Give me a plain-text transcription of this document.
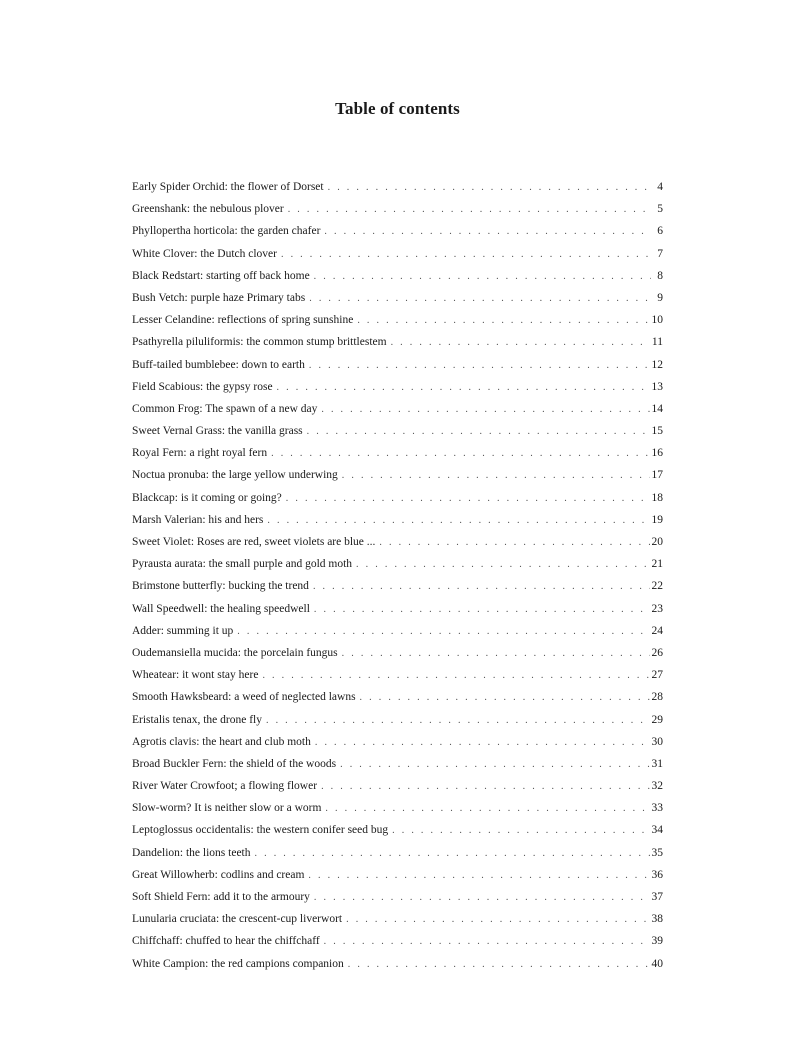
Table of contents
Early Spider Orchid: the flower of Dorset . . .	4
Greenshank: the nebulous plover . . .	5
Phyllopertha horticola: the garden chafer . . .	6
White Clover: the Dutch clover . . .	7
Black Redstart: starting off back home . . .	8
Bush Vetch: purple haze Primary tabs . . .	9
Lesser Celandine: reflections of spring sunshine . . .	10
Psathyrella piluliformis: the common stump brittlestem . . .	11
Buff-tailed bumblebee: down to earth . . .	12
Field Scabious: the gypsy rose . . .	13
Common Frog: The spawn of a new day . . .	14
Sweet Vernal Grass: the vanilla grass . . .	15
Royal Fern: a right royal fern . . .	16
Noctua pronuba: the large yellow underwing . . .	17
Blackcap: is it coming or going? . . .	18
Marsh Valerian: his and hers . . .	19
Sweet Violet: Roses are red, sweet violets are blue ... . . .	20
Pyrausta aurata: the small purple and gold moth . . .	21
Brimstone butterfly: bucking the trend . . .	22
Wall Speedwell: the healing speedwell . . .	23
Adder: summing it up . . .	24
Oudemansiella mucida: the porcelain fungus . . .	26
Wheatear: it wont stay here . . .	27
Smooth Hawksbeard: a weed of neglected lawns . . .	28
Eristalis tenax, the drone fly . . .	29
Agrotis clavis: the heart and club moth . . .	30
Broad Buckler Fern: the shield of the woods . . .	31
River Water Crowfoot; a flowing flower . . .	32
Slow-worm? It is neither slow or a worm . . .	33
Leptoglossus occidentalis: the western conifer seed bug . . .	34
Dandelion: the lions teeth . . .	35
Great Willowherb: codlins and cream . . .	36
Soft Shield Fern: add it to the armoury . . .	37
Lunularia cruciata: the crescent-cup liverwort . . .	38
Chiffchaff: chuffed to hear the chiffchaff . . .	39
White Campion: the red campions companion . . .	40
